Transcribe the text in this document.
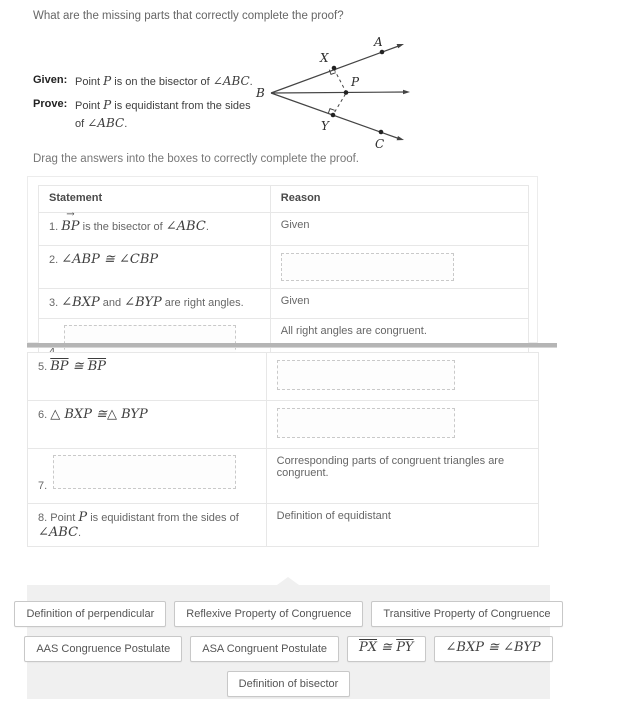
What are the missing parts that correctly complete the proof?
Given: Point P is on the bisector of ∠ABC.
Prove: Point P is equidistant from the sides of ∠ABC.
A
B
X
P
Y
C
Drag the answers into the boxes to correctly complete the proof.
Statement	Reason
1. → BP is the bisector of ∠ABC.	Given
2. ∠ABP ≅ ∠CBP	

3. ∠BXP and ∠BYP are right angles.	Given
	All right angles are congruent.
5. $\overline{BP}$ ≅ $\overline{BP}$	

6. △ BXP ≅△ BYP	

7.	Corresponding parts of congruent triangles are congruent.
8. Point P is equidistant from the sides of ∠ABC.	Definition of equidistant
Definition of perpendicular	Reflexive Property of Congruence	Transitive Property of Congruence
AAS Congruence Postulate	ASA Congruent Postulate	$\overline{PX}$ ≅ $\overline{PY}$	∠BXP ≅ ∠BYP
Definition of bisector
